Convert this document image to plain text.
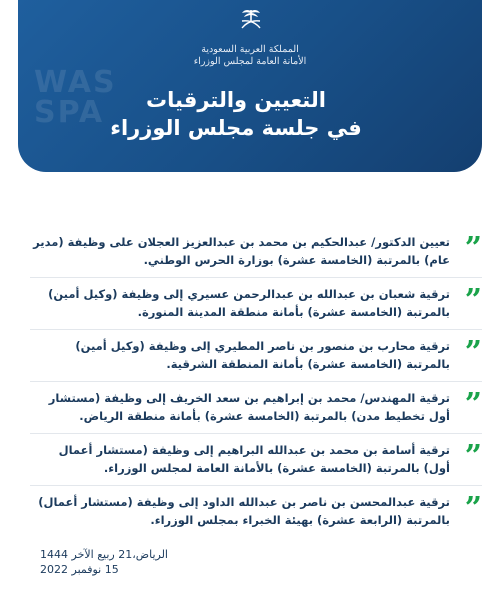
WAS
SPA
المملكة العربية السعودية
الأمانة العامة لمجلس الوزراء
التعيين والترقيات
في جلسة مجلس الوزراء
”
تعيين الدكتور/ عبدالحكيم بن محمد بن عبدالعزيز العجلان على وظيفة (مدير عام) بالمرتبة (الخامسة عشرة) بوزارة الحرس الوطني.
”
ترقية شعبان بن عبدالله بن عبدالرحمن عسيري إلى وظيفة (وكيل أمين) بالمرتبة (الخامسة عشرة) بأمانة منطقة المدينة المنورة.
”
ترقية محارب بن منصور بن ناصر المطيري إلى وظيفة (وكيل أمين) بالمرتبة (الخامسة عشرة) بأمانة المنطقة الشرقية.
”
ترقية المهندس/ محمد بن إبراهيم بن سعد الخريف إلى وظيفة (مستشار أول تخطيط مدن) بالمرتبة (الخامسة عشرة) بأمانة منطقة الرياض.
”
ترقية أسامة بن محمد بن عبدالله البراهيم إلى وظيفة (مستشار أعمال أول) بالمرتبة (الخامسة عشرة) بالأمانة العامة لمجلس الوزراء.
”
ترقية عبدالمحسن بن ناصر بن عبدالله الداود إلى وظيفة (مستشار أعمال) بالمرتبة (الرابعة عشرة) بهيئة الخبراء بمجلس الوزراء.
الرياض،21 ربيع الآخر 1444
15 نوفمبر 2022
